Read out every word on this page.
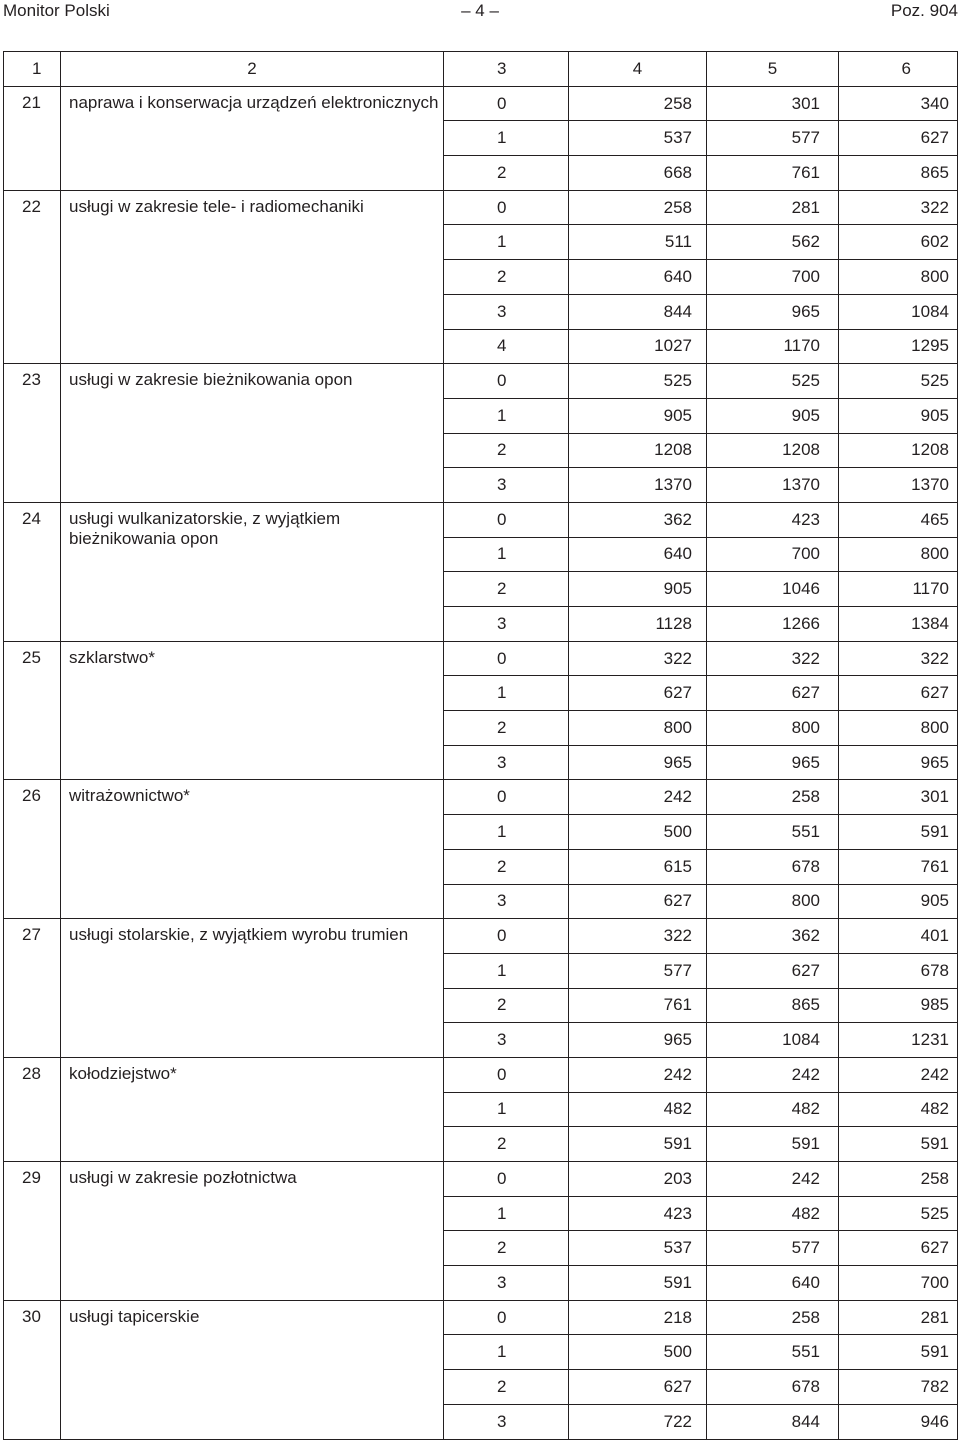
Monitor Polski	– 4 –	Poz. 904
1	2	3	4	5	6
21	naprawa i konserwacja urządzeń elektronicznych	0	258	301	340
		1	537	577	627
		2	668	761	865
22	usługi w zakresie tele- i radiomechaniki	0	258	281	322
		1	511	562	602
		2	640	700	800
		3	844	965	1084
		4	1027	1170	1295
23	usługi w zakresie bieżnikowania opon	0	525	525	525
		1	905	905	905
		2	1208	1208	1208
		3	1370	1370	1370
24	usługi wulkanizatorskie, z wyjątkiem bieżnikowania opon	0	362	423	465
		1	640	700	800
		2	905	1046	1170
		3	1128	1266	1384
25	szklarstwo*	0	322	322	322
		1	627	627	627
		2	800	800	800
		3	965	965	965
26	witrażownictwo*	0	242	258	301
		1	500	551	591
		2	615	678	761
		3	627	800	905
27	usługi stolarskie, z wyjątkiem wyrobu trumien	0	322	362	401
		1	577	627	678
		2	761	865	985
		3	965	1084	1231
28	kołodziejstwo*	0	242	242	242
		1	482	482	482
		2	591	591	591
29	usługi w zakresie pozłotnictwa	0	203	242	258
		1	423	482	525
		2	537	577	627
		3	591	640	700
30	usługi tapicerskie	0	218	258	281
		1	500	551	591
		2	627	678	782
		3	722	844	946
